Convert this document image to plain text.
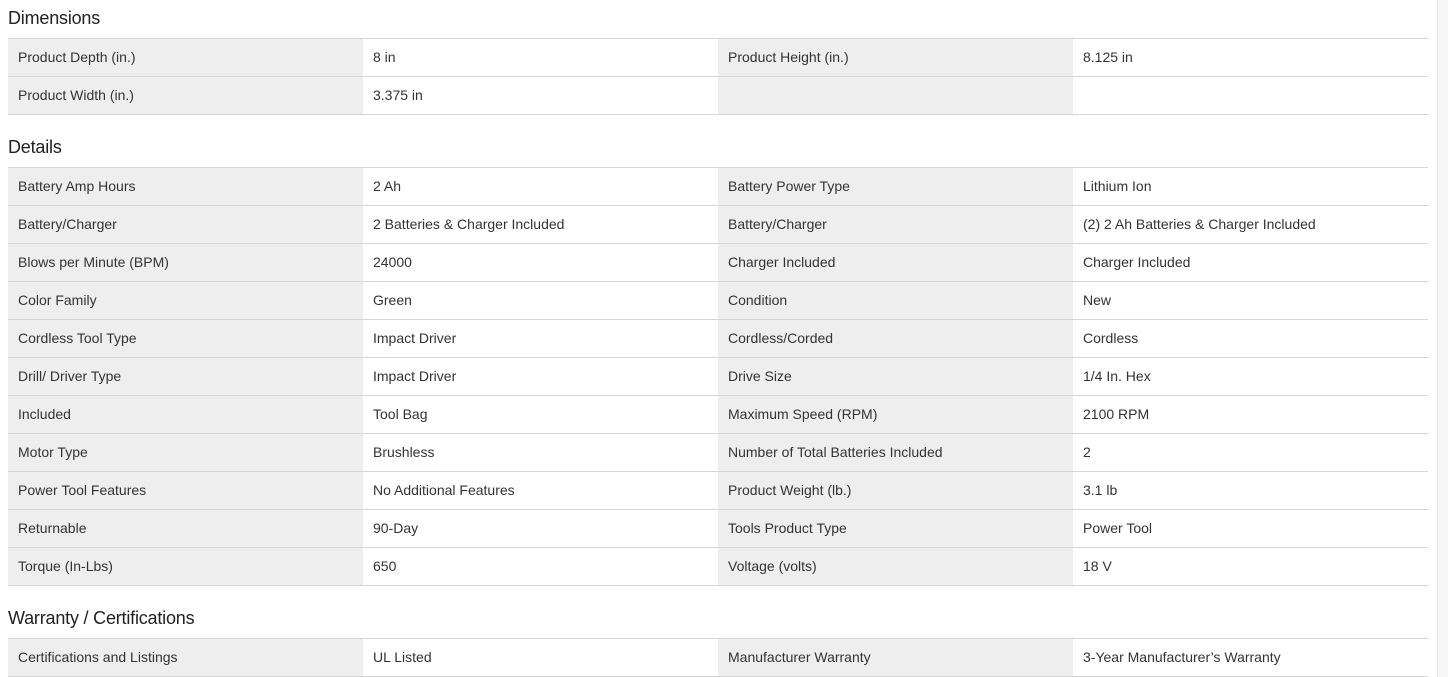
Dimensions
Product Depth (in.)	8 in	Product Height (in.)	8.125 in
Product Width (in.)	3.375 in
Details
Battery Amp Hours	2 Ah	Battery Power Type	Lithium Ion
Battery/Charger	2 Batteries & Charger Included	Battery/Charger	(2) 2 Ah Batteries & Charger Included
Blows per Minute (BPM)	24000	Charger Included	Charger Included
Color Family	Green	Condition	New
Cordless Tool Type	Impact Driver	Cordless/Corded	Cordless
Drill/ Driver Type	Impact Driver	Drive Size	1/4 In. Hex
Included	Tool Bag	Maximum Speed (RPM)	2100 RPM
Motor Type	Brushless	Number of Total Batteries Included	2
Power Tool Features	No Additional Features	Product Weight (lb.)	3.1 lb
Returnable	90-Day	Tools Product Type	Power Tool
Torque (In-Lbs)	650	Voltage (volts)	18 V
Warranty / Certifications
Certifications and Listings	UL Listed	Manufacturer Warranty	3-Year Manufacturer’s Warranty
